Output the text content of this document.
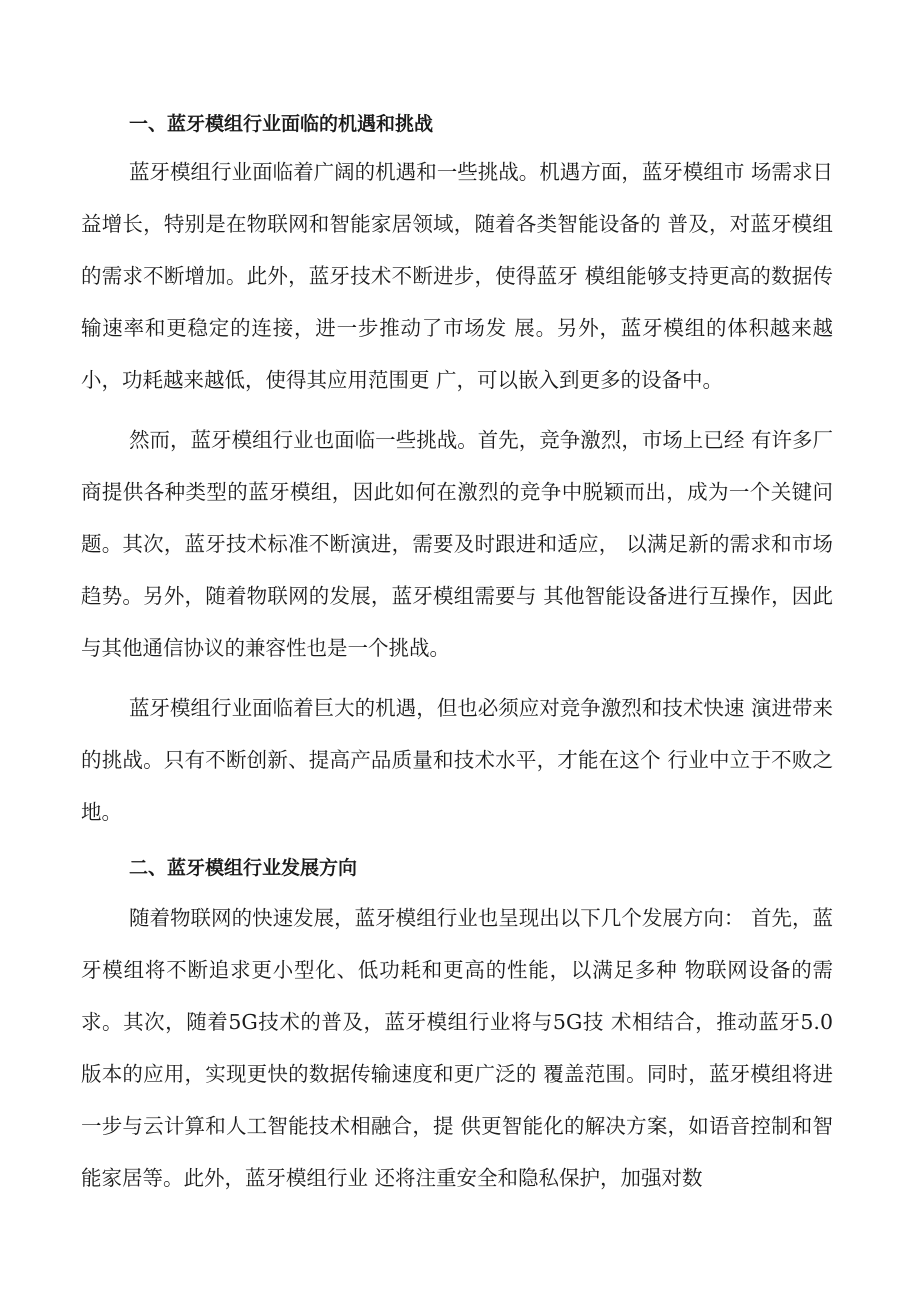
一、蓝牙模组行业面临的机遇和挑战

蓝牙模组行业面临着广阔的机遇和一些挑战。机遇方面，蓝牙模组市 场需求日益增长，特别是在物联网和智能家居领域，随着各类智能设备的 普及，对蓝牙模组的需求不断增加。此外，蓝牙技术不断进步，使得蓝牙 模组能够支持更高的数据传输速率和更稳定的连接，进一步推动了市场发 展。另外，蓝牙模组的体积越来越小，功耗越来越低，使得其应用范围更 广，可以嵌入到更多的设备中。

然而，蓝牙模组行业也面临一些挑战。首先，竞争激烈，市场上已经 有许多厂商提供各种类型的蓝牙模组，因此如何在激烈的竞争中脱颖而出，成为一个关键问题。其次，蓝牙技术标准不断演进，需要及时跟进和适应， 以满足新的需求和市场趋势。另外，随着物联网的发展，蓝牙模组需要与 其他智能设备进行互操作，因此与其他通信协议的兼容性也是一个挑战。

蓝牙模组行业面临着巨大的机遇，但也必须应对竞争激烈和技术快速 演进带来的挑战。只有不断创新、提高产品质量和技术水平，才能在这个 行业中立于不败之地。

二、蓝牙模组行业发展方向

随着物联网的快速发展，蓝牙模组行业也呈现出以下几个发展方向： 首先，蓝牙模组将不断追求更小型化、低功耗和更高的性能，以满足多种 物联网设备的需求。其次，随着5G技术的普及，蓝牙模组行业将与5G技 术相结合，推动蓝牙5.0版本的应用，实现更快的数据传输速度和更广泛的 覆盖范围。同时，蓝牙模组将进一步与云计算和人工智能技术相融合，提 供更智能化的解决方案，如语音控制和智能家居等。此外，蓝牙模组行业 还将注重安全和隐私保护，加强对数
